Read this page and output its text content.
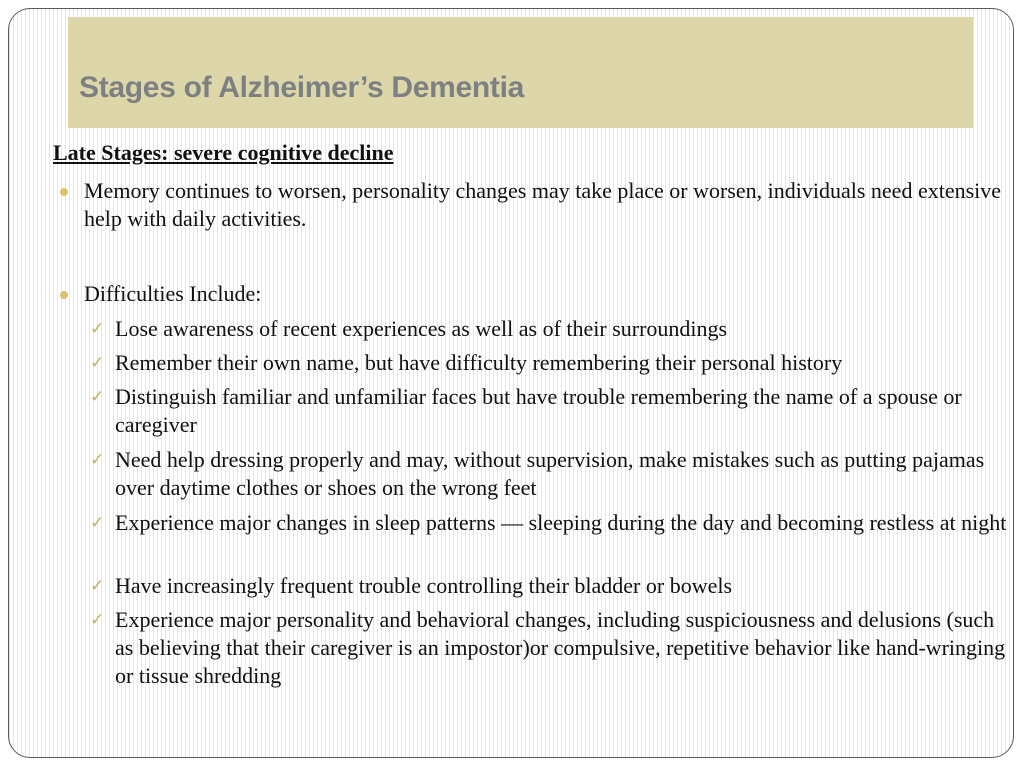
Stages of Alzheimer’s Dementia
Late Stages: severe cognitive decline
Memory continues to worsen, personality changes may take place or worsen, individuals need extensive help with daily activities.
Difficulties Include:
✓ Lose awareness of recent experiences as well as of their surroundings
✓ Remember their own name, but have difficulty remembering their personal history
✓ Distinguish familiar and unfamiliar faces but have trouble remembering the name of a spouse or caregiver
✓ Need help dressing properly and may, without supervision, make mistakes such as putting pajamas over daytime clothes or shoes on the wrong feet
✓ Experience major changes in sleep patterns — sleeping during the day and becoming restless at night
✓ Have increasingly frequent trouble controlling their bladder or bowels
✓ Experience major personality and behavioral changes, including suspiciousness and delusions (such as believing that their caregiver is an impostor)or compulsive, repetitive behavior like hand-wringing or tissue shredding
